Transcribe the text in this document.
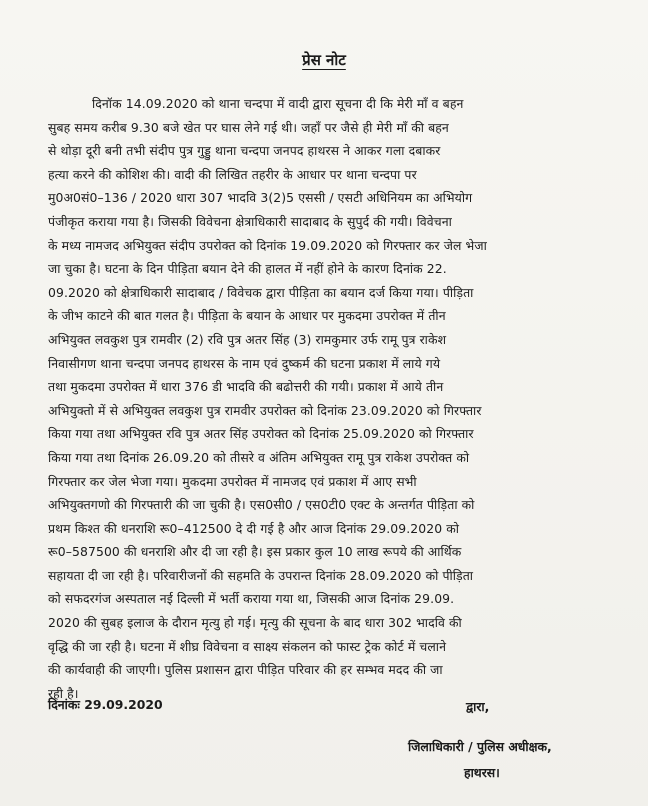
प्रेस नोट
दिनॉक 14.09.2020 को थाना चन्दपा में वादी द्वारा सूचना दी कि मेरी माँ व बहन
सुबह समय करीब 9.30 बजे खेत पर घास लेने गई थी। जहाँ पर जैसे ही मेरी माँ की बहन
से थोड़ा दूरी बनी तभी संदीप पुत्र गुड्डु थाना चन्दपा जनपद हाथरस ने आकर गला दबाकर
हत्या करने की कोशिश की। वादी की लिखित तहरीर के आधार पर थाना चन्दपा पर
मु0अ0सं0–136 / 2020 धारा 307 भादवि 3(2)5 एससी / एसटी अधिनियम का अभियोग
पंजीकृत कराया गया है। जिसकी विवेचना क्षेत्राधिकारी सादाबाद के सुपुर्द की गयी। विवेचना
के मध्य नामजद अभियुक्त संदीप उपरोक्त को दिनांक 19.09.2020 को गिरफ्तार कर जेल भेजा
जा चुका है। घटना के दिन पीड़िता बयान देने की हालत में नहीं होने के कारण दिनांक 22.
09.2020 को क्षेत्राधिकारी सादाबाद / विवेचक द्वारा पीड़िता का बयान दर्ज किया गया। पीड़िता
के जीभ काटने की बात गलत है। पीड़िता के बयान के आधार पर मुकदमा उपरोक्त में तीन
अभियुक्त लवकुश पुत्र रामवीर (2) रवि पुत्र अतर सिंह (3) रामकुमार उर्फ रामू पुत्र राकेश
निवासीगण थाना चन्दपा जनपद हाथरस के नाम एवं दुष्कर्म की घटना प्रकाश में लाये गये
तथा मुकदमा उपरोक्त में धारा 376 डी भादवि की बढोत्तरी की गयी। प्रकाश में आये तीन
अभियुक्तो में से अभियुक्त लवकुश पुत्र रामवीर उपरोक्त को दिनांक 23.09.2020 को गिरफ्तार
किया गया तथा अभियुक्त रवि पुत्र अतर सिंह उपरोक्त को दिनांक 25.09.2020 को गिरफ्तार
किया गया तथा दिनांक 26.09.20 को तीसरे व अंतिम अभियुक्त रामू पुत्र राकेश उपरोक्त को
गिरफ्तार कर जेल भेजा गया। मुकदमा उपरोक्त में नामजद एवं प्रकाश में आए सभी
अभियुक्तगणो की गिरफ्तारी की जा चुकी है। एस0सी0 / एस0टी0 एक्ट के अन्तर्गत पीड़िता को
प्रथम किश्त की धनराशि रू0–412500 दे दी गई है और आज दिनांक 29.09.2020 को
रू0–587500 की धनराशि और दी जा रही है। इस प्रकार कुल 10 लाख रूपये की आर्थिक
सहायता दी जा रही है। परिवारीजनों की सहमति के उपरान्त दिनांक 28.09.2020 को पीड़िता
को सफदरगंज अस्पताल नई दिल्ली में भर्ती कराया गया था, जिसकी आज दिनांक 29.09.
2020 की सुबह इलाज के दौरान मृत्यु हो गई। मृत्यु की सूचना के बाद धारा 302 भादवि की
वृद्धि की जा रही है। घटना में शीघ्र विवेचना व साक्ष्य संकलन को फास्ट ट्रेक कोर्ट में चलाने
की कार्यवाही की जाएगी। पुलिस प्रशासन द्वारा पीड़ित परिवार की हर सम्भव मदद की जा
रही है।
दिनांकः 29.09.2020	द्वारा,
जिलाधिकारी / पुलिस अधीक्षक,
हाथरस।
